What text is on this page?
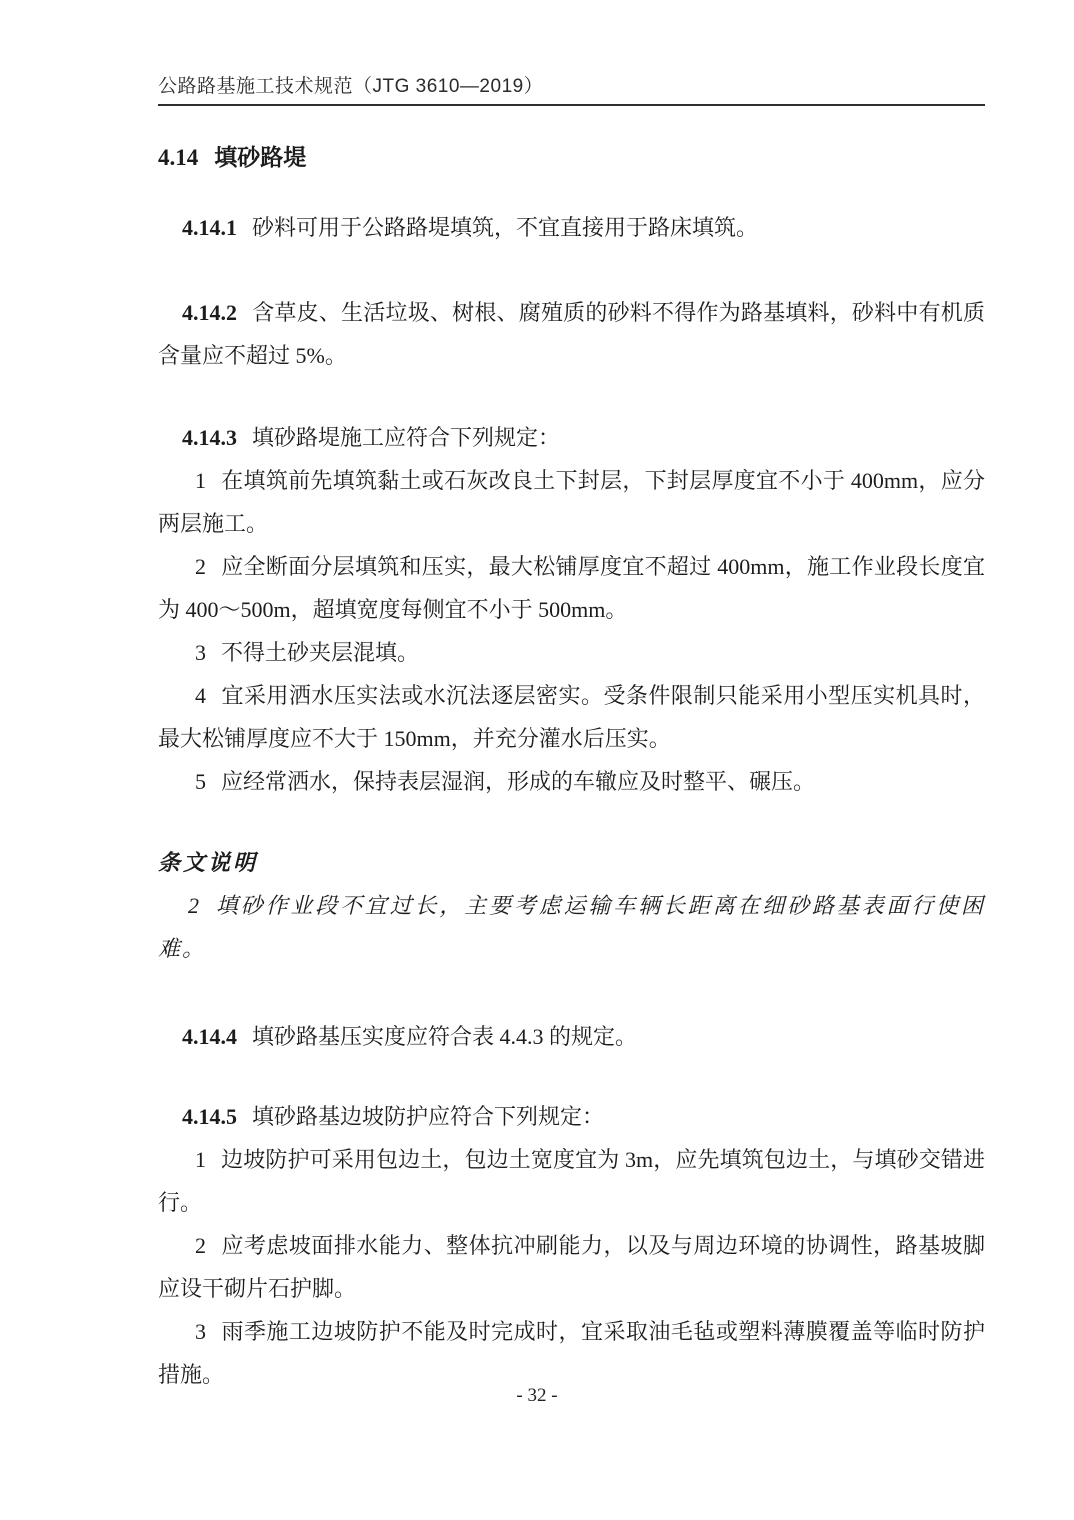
公路路基施工技术规范（JTG 3610—2019）
4.14 填砂路堤

4.14.1 砂料可用于公路路堤填筑，不宜直接用于路床填筑。

4.14.2 含草皮、生活垃圾、树根、腐殖质的砂料不得作为路基填料，砂料中有机质含量应不超过 5%。

4.14.3 填砂路堤施工应符合下列规定：

1 在填筑前先填筑黏土或石灰改良土下封层，下封层厚度宜不小于 400mm，应分两层施工。

2 应全断面分层填筑和压实，最大松铺厚度宜不超过 400mm，施工作业段长度宜为 400～500m，超填宽度每侧宜不小于 500mm。

3 不得土砂夹层混填。

4 宜采用洒水压实法或水沉法逐层密实。受条件限制只能采用小型压实机具时，最大松铺厚度应不大于 150mm，并充分灌水后压实。

5 应经常洒水，保持表层湿润，形成的车辙应及时整平、碾压。

条文说明

2 填砂作业段不宜过长，主要考虑运输车辆长距离在细砂路基表面行使困难。

4.14.4 填砂路基压实度应符合表 4.4.3 的规定。

4.14.5 填砂路基边坡防护应符合下列规定：

1 边坡防护可采用包边土，包边土宽度宜为 3m，应先填筑包边土，与填砂交错进行。

2 应考虑坡面排水能力、整体抗冲刷能力，以及与周边环境的协调性，路基坡脚应设干砌片石护脚。

3 雨季施工边坡防护不能及时完成时，宜采取油毛毡或塑料薄膜覆盖等临时防护措施。

- 32 -
